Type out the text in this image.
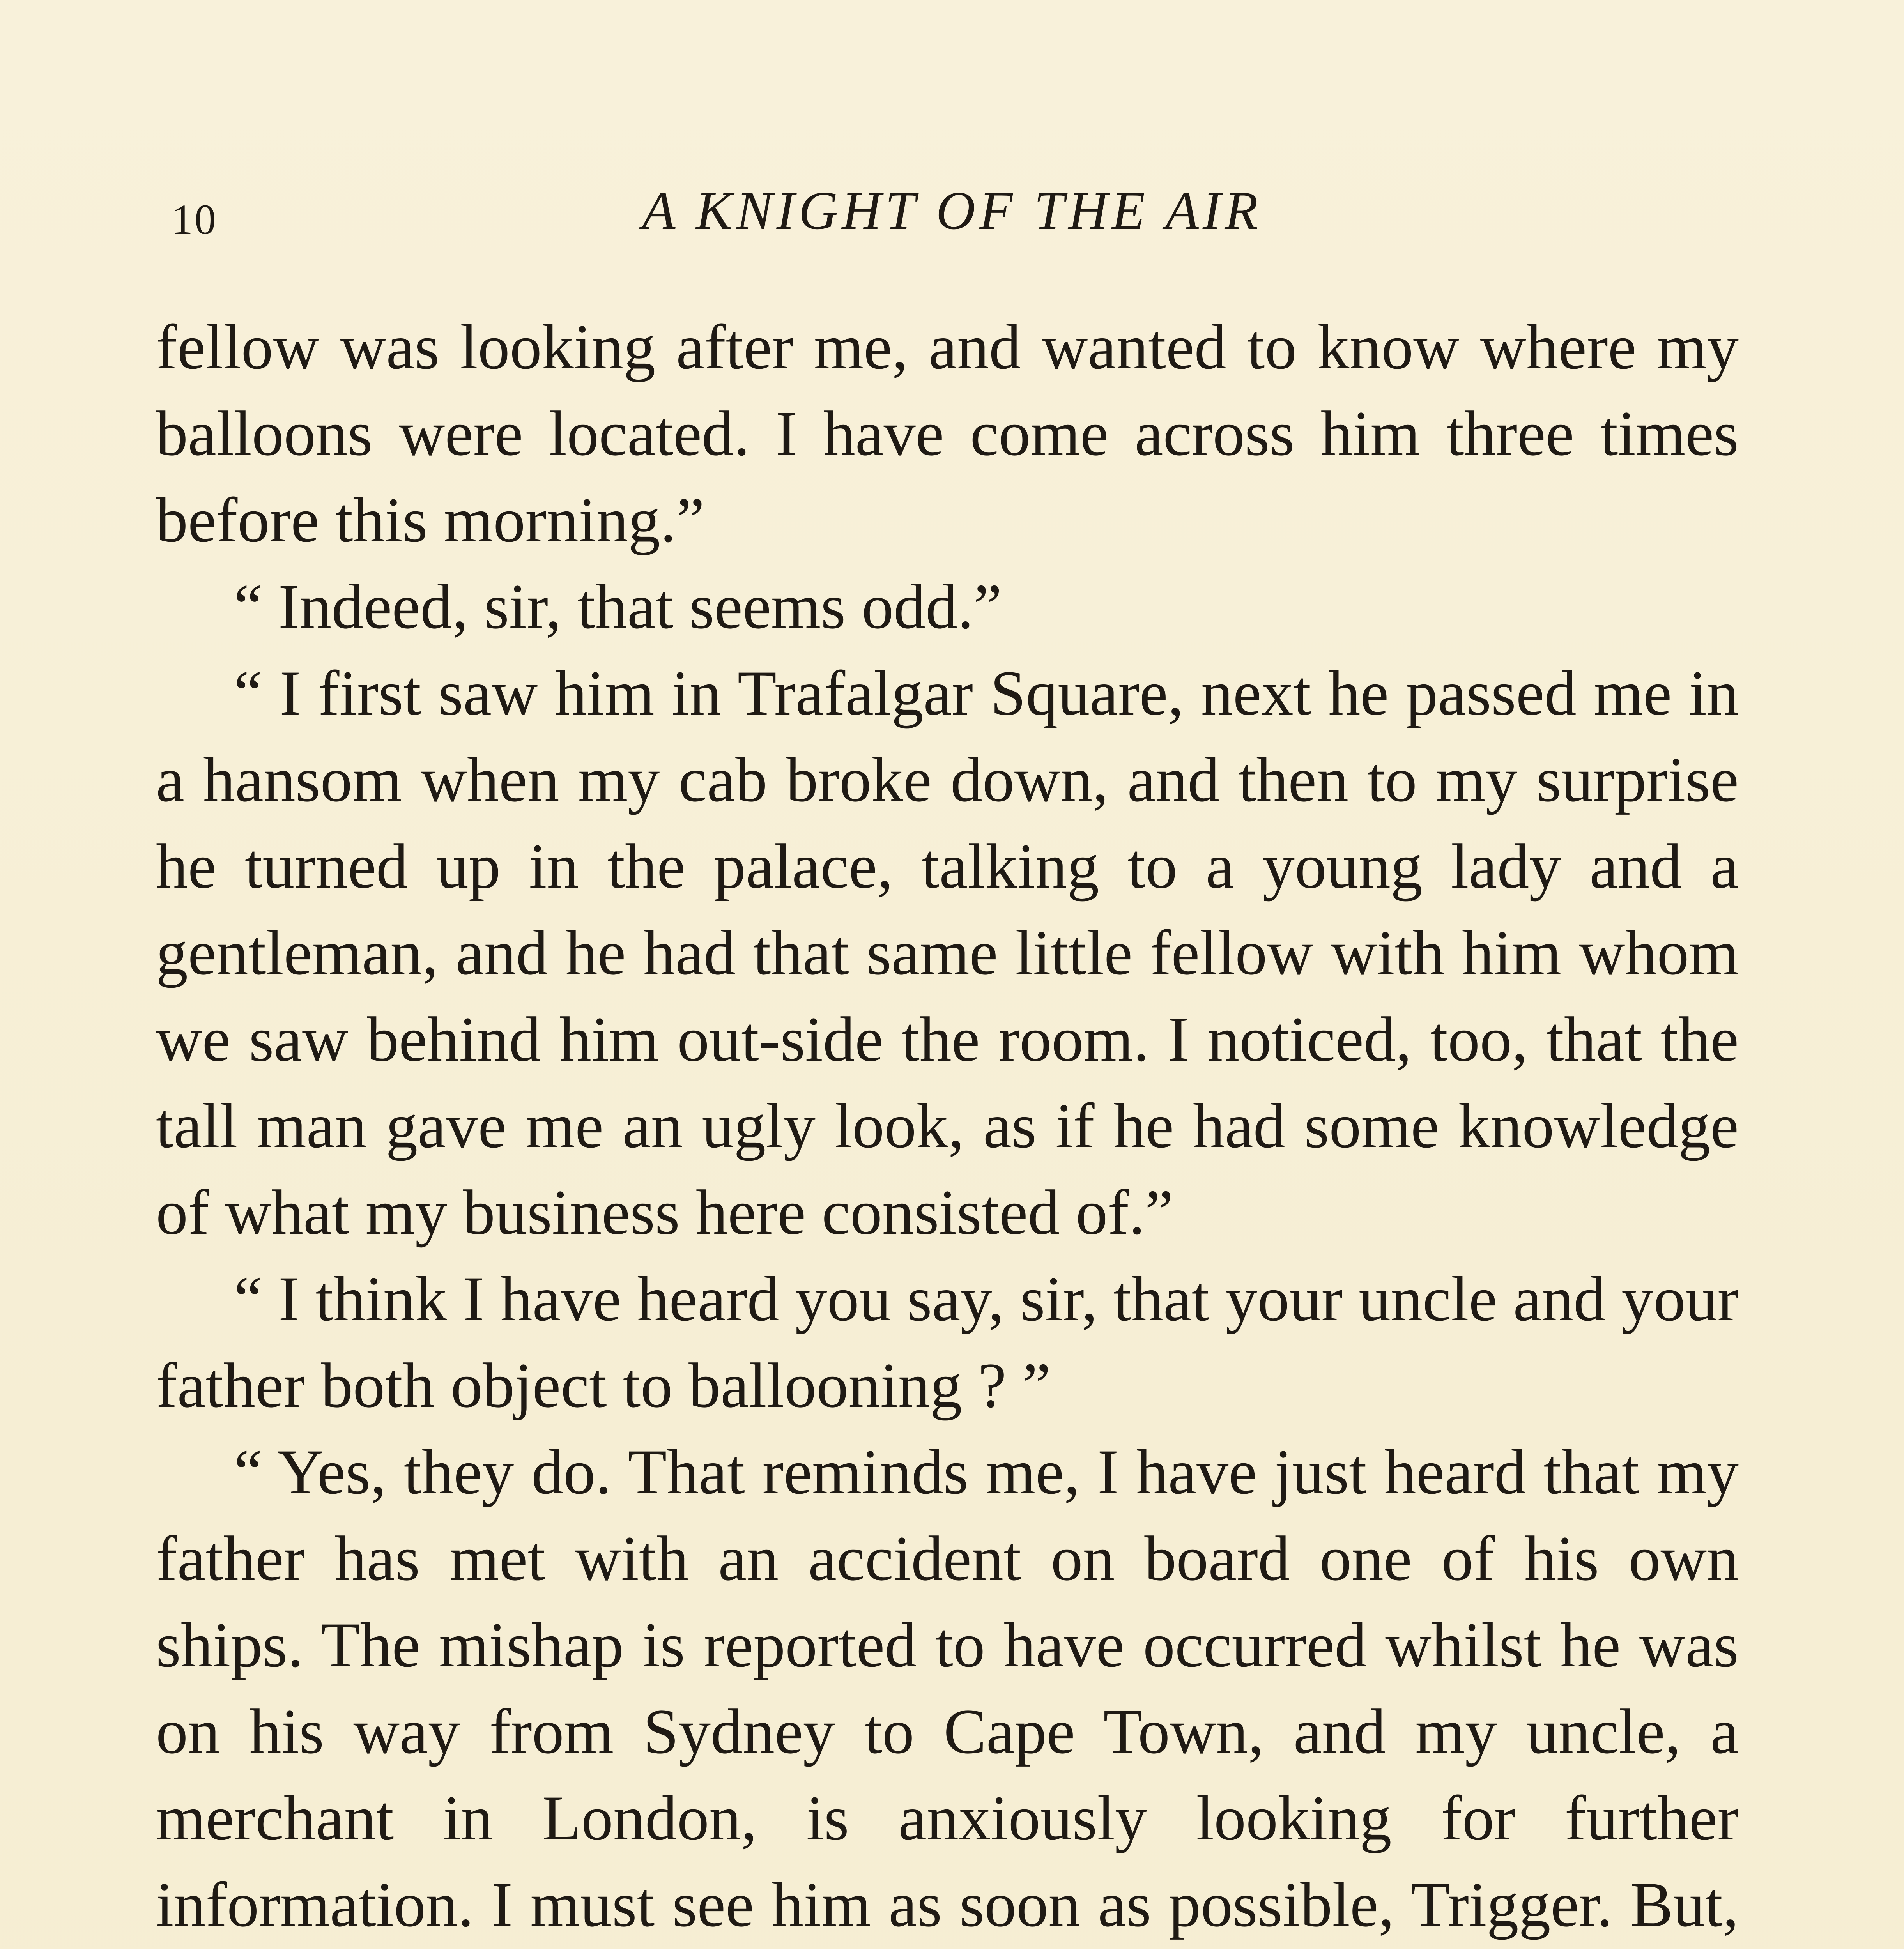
10	A KNIGHT OF THE AIR

fellow was looking after me, and wanted to know where my balloons were located. I have come across him three times before this morning.”

“ Indeed, sir, that seems odd.”

“ I first saw him in Trafalgar Square, next he passed me in a hansom when my cab broke down, and then to my surprise he turned up in the palace, talking to a young lady and a gentleman, and he had that same little fellow with him whom we saw behind him out-side the room. I noticed, too, that the tall man gave me an ugly look, as if he had some knowledge of what my business here consisted of.”

“ I think I have heard you say, sir, that your uncle and your father both object to ballooning ? ”

“ Yes, they do. That reminds me, I have just heard that my father has met with an accident on board one of his own ships. The mishap is reported to have occurred whilst he was on his way from Sydney to Cape Town, and my uncle, a merchant in London, is anxiously looking for further information. I must see him as soon as possible, Trigger. But,
